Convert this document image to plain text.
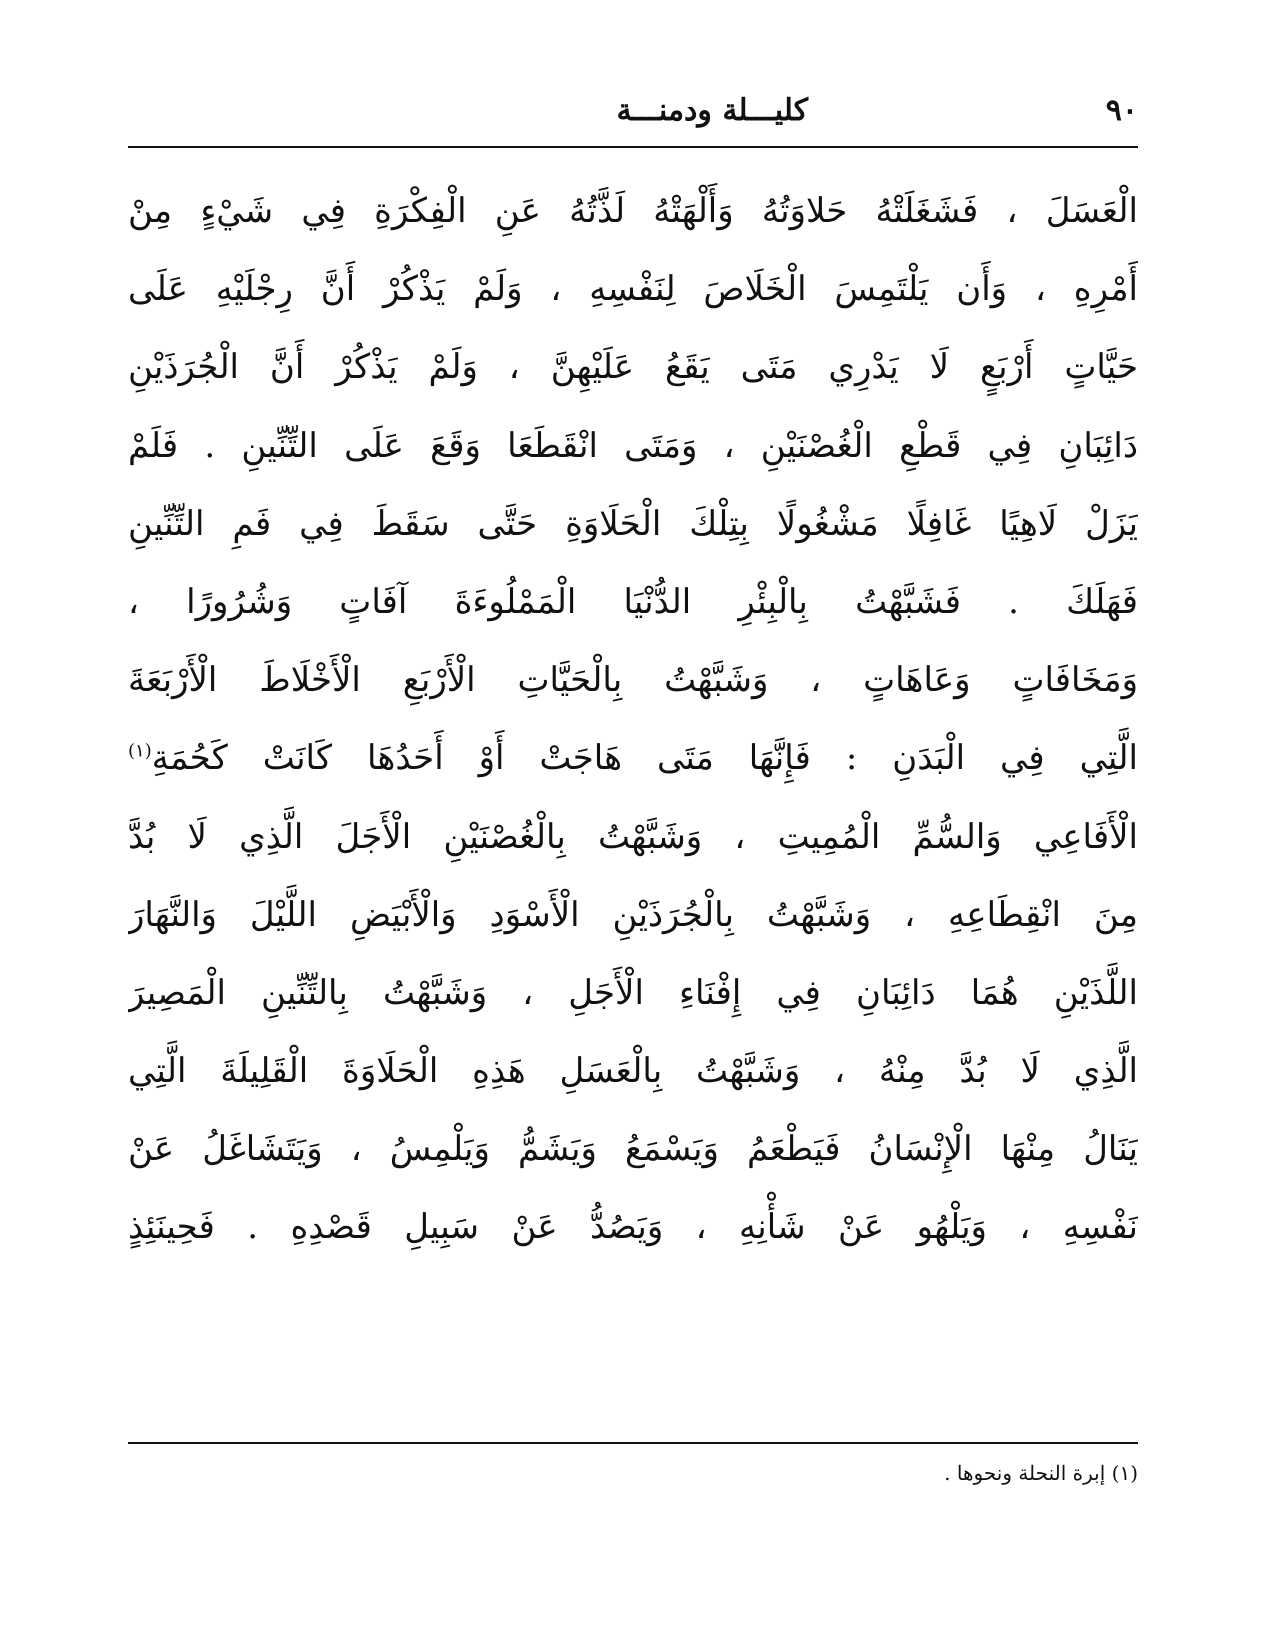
كليـــلة ودمنـــة	٩٠
الْعَسَلَ ، فَشَغَلَتْهُ حَلاوَتُهُ وَأَلْهَتْهُ لَذَّتُهُ عَنِ الْفِكْرَةِ فِي شَيْءٍ مِنْ
أَمْرِهِ ، وَأَن يَلْتَمِسَ الْخَلَاصَ لِنَفْسِهِ ، وَلَمْ يَذْكُرْ أَنَّ رِجْلَيْهِ عَلَى
حَيَّاتٍ أَرْبَعٍ لَا يَدْرِي مَتَى يَقَعُ عَلَيْهِنَّ ، وَلَمْ يَذْكُرْ أَنَّ الْجُرَذَيْنِ
دَائِبَانِ فِي قَطْعِ الْغُصْنَيْنِ ، وَمَتَى انْقَطَعَا وَقَعَ عَلَى التِّنِّينِ . فَلَمْ
يَزَلْ لَاهِيًا غَافِلًا مَشْغُولًا بِتِلْكَ الْحَلَاوَةِ حَتَّى سَقَطَ فِي فَمِ التِّنِّينِ
فَهَلَكَ . فَشَبَّهْتُ بِالْبِئْرِ الدُّنْيَا الْمَمْلُوءَةَ آفَاتٍ وَشُرُورًا ،
وَمَخَافَاتٍ وَعَاهَاتٍ ، وَشَبَّهْتُ بِالْحَيَّاتِ الْأَرْبَعِ الْأَخْلَاطَ الْأَرْبَعَةَ
الَّتِي فِي الْبَدَنِ : فَإِنَّهَا مَتَى هَاجَتْ أَوْ أَحَدُهَا كَانَتْ كَحُمَةِ$^{(١)}$
الْأَفَاعِي وَالسُّمِّ الْمُمِيتِ ، وَشَبَّهْتُ بِالْغُصْنَيْنِ الْأَجَلَ الَّذِي لَا بُدَّ
مِنَ انْقِطَاعِهِ ، وَشَبَّهْتُ بِالْجُرَذَيْنِ الْأَسْوَدِ وَالْأَبْيَضِ اللَّيْلَ وَالنَّهَارَ
اللَّذَيْنِ هُمَا دَائِبَانِ فِي إِفْنَاءِ الْأَجَلِ ، وَشَبَّهْتُ بِالتِّنِّينِ الْمَصِيرَ
الَّذِي لَا بُدَّ مِنْهُ ، وَشَبَّهْتُ بِالْعَسَلِ هَذِهِ الْحَلَاوَةَ الْقَلِيلَةَ الَّتِي
يَنَالُ مِنْهَا الْإِنْسَانُ فَيَطْعَمُ وَيَسْمَعُ وَيَشَمُّ وَيَلْمِسُ ، وَيَتَشَاغَلُ عَنْ
نَفْسِهِ ، وَيَلْهُو عَنْ شَأْنِهِ ، وَيَصُدُّ عَنْ سَبِيلِ قَصْدِهِ . فَحِينَئِذٍ
(١) إبرة النحلة ونحوها .
